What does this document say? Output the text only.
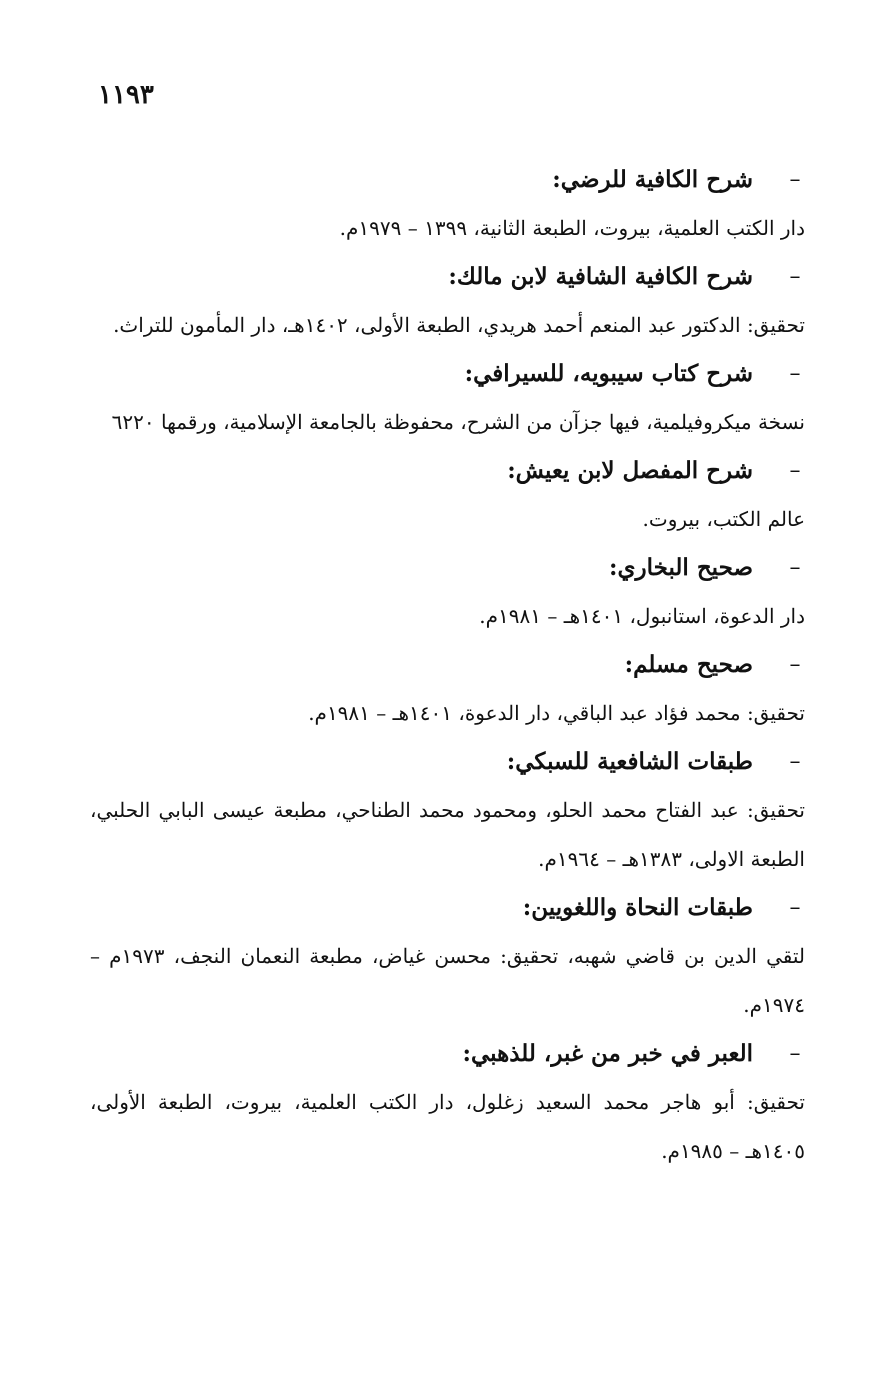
١١٩٣
–
شرح الكافية للرضي:

دار الكتب العلمية، بيروت، الطبعة الثانية، ١٣٩٩ – ١٩٧٩م.

–
شرح الكافية الشافية لابن مالك:

تحقيق: الدكتور عبد المنعم أحمد هريدي، الطبعة الأولى، ١٤٠٢هـ، دار المأمون للتراث.

–
شرح كتاب سيبويه، للسيرافي:

نسخة ميكروفيلمية، فيها جزآن من الشرح، محفوظة بالجامعة الإسلامية، ورقمها ٦٢٢٠

–
شرح المفصل لابن يعيش:

عالم الكتب، بيروت.

–
صحيح البخاري:

دار الدعوة، استانبول، ١٤٠١هـ – ١٩٨١م.

–
صحيح مسلم:

تحقيق: محمد فؤاد عبد الباقي، دار الدعوة، ١٤٠١هـ – ١٩٨١م.

–
طبقات الشافعية للسبكي:

تحقيق: عبد الفتاح محمد الحلو، ومحمود محمد الطناحي، مطبعة عيسى البابي الحلبي، الطبعة الاولى، ١٣٨٣هـ – ١٩٦٤م.

–
طبقات النحاة واللغويين:

لتقي الدين بن قاضي شهبه، تحقيق: محسن غياض، مطبعة النعمان النجف، ١٩٧٣م – ١٩٧٤م.

–
العبر في خبر من غبر، للذهبي:

تحقيق: أبو هاجر محمد السعيد زغلول، دار الكتب العلمية، بيروت، الطبعة الأولى، ١٤٠٥هـ – ١٩٨٥م.
